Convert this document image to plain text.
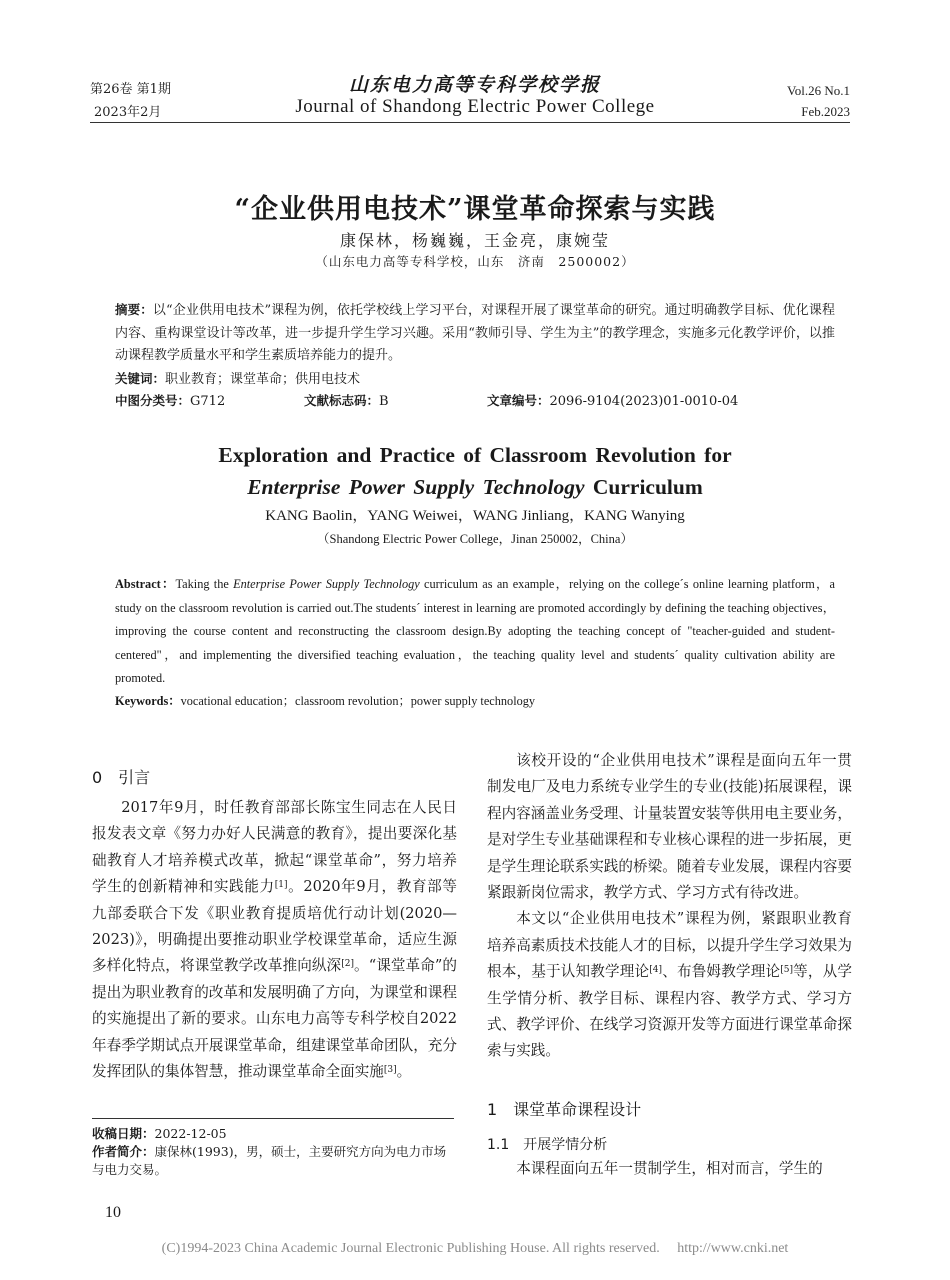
第26卷 第1期
2023年2月
山东电力高等专科学校学报
Journal of Shandong Electric Power College
Vol.26 No.1
Feb.2023
“企业供用电技术”课堂革命探索与实践
康保林，杨巍巍，王金亮，康婉莹
（山东电力高等专科学校，山东　济南　2500002）
摘要：以“企业供用电技术”课程为例，依托学校线上学习平台，对课程开展了课堂革命的研究。通过明确教学目标、优化课程内容、重构课堂设计等改革，进一步提升学生学习兴趣。采用“教师引导、学生为主”的教学理念，实施多元化教学评价，以推动课程教学质量水平和学生素质培养能力的提升。
关键词：职业教育；课堂革命；供用电技术
中图分类号：G712	文献标志码：B	文章编号：2096-9104(2023)01-0010-04
Exploration and Practice of Classroom Revolution for
Enterprise Power Supply Technology Curriculum
KANG Baolin，YANG Weiwei，WANG Jinliang，KANG Wanying
（Shandong Electric Power College，Jinan 250002，China）
Abstract：Taking the Enterprise Power Supply Technology curriculum as an example，relying on the college´s online learning platform，a study on the classroom revolution is carried out.The students´ interest in learning are promoted accordingly by defining the teaching objectives，improving the course content and reconstructing the classroom design.By adopting the teaching concept of "teacher-guided and student-centered"，and implementing the diversified teaching evaluation，the teaching quality level and students´ quality cultivation ability are promoted.
Keywords：vocational education；classroom revolution；power supply technology
0　引言

2017年9月，时任教育部部长陈宝生同志在人民日报发表文章《努力办好人民满意的教育》，提出要深化基础教育人才培养模式改革，掀起“课堂革命”，努力培养学生的创新精神和实践能力[1]。2020年9月，教育部等九部委联合下发《职业教育提质培优行动计划(2020—2023)》，明确提出要推动职业学校课堂革命，适应生源多样化特点，将课堂教学改革推向纵深[2]。“课堂革命”的提出为职业教育的改革和发展明确了方向，为课堂和课程的实施提出了新的要求。山东电力高等专科学校自2022年春季学期试点开展课堂革命，组建课堂革命团队，充分发挥团队的集体智慧，推动课堂革命全面实施[3]。

收稿日期：2022-12-05
作者简介：康保林(1993)，男，硕士，主要研究方向为电力市场与电力交易。

该校开设的“企业供用电技术”课程是面向五年一贯制发电厂及电力系统专业学生的专业(技能)拓展课程，课程内容涵盖业务受理、计量装置安装等供用电主要业务，是对学生专业基础课程和专业核心课程的进一步拓展，更是学生理论联系实践的桥梁。随着专业发展，课程内容要紧跟新岗位需求，教学方式、学习方式有待改进。

本文以“企业供用电技术”课程为例，紧跟职业教育培养高素质技术技能人才的目标，以提升学生学习效果为根本，基于认知教学理论[4]、布鲁姆教学理论[5]等，从学生学情分析、教学目标、课程内容、教学方式、学习方式、教学评价、在线学习资源开发等方面进行课堂革命探索与实践。

1　课堂革命课程设计
1.1　开展学情分析

本课程面向五年一贯制学生，相对而言，学生的

10
(C)1994-2023 China Academic Journal Electronic Publishing House. All rights reserved.　 http://www.cnki.net
